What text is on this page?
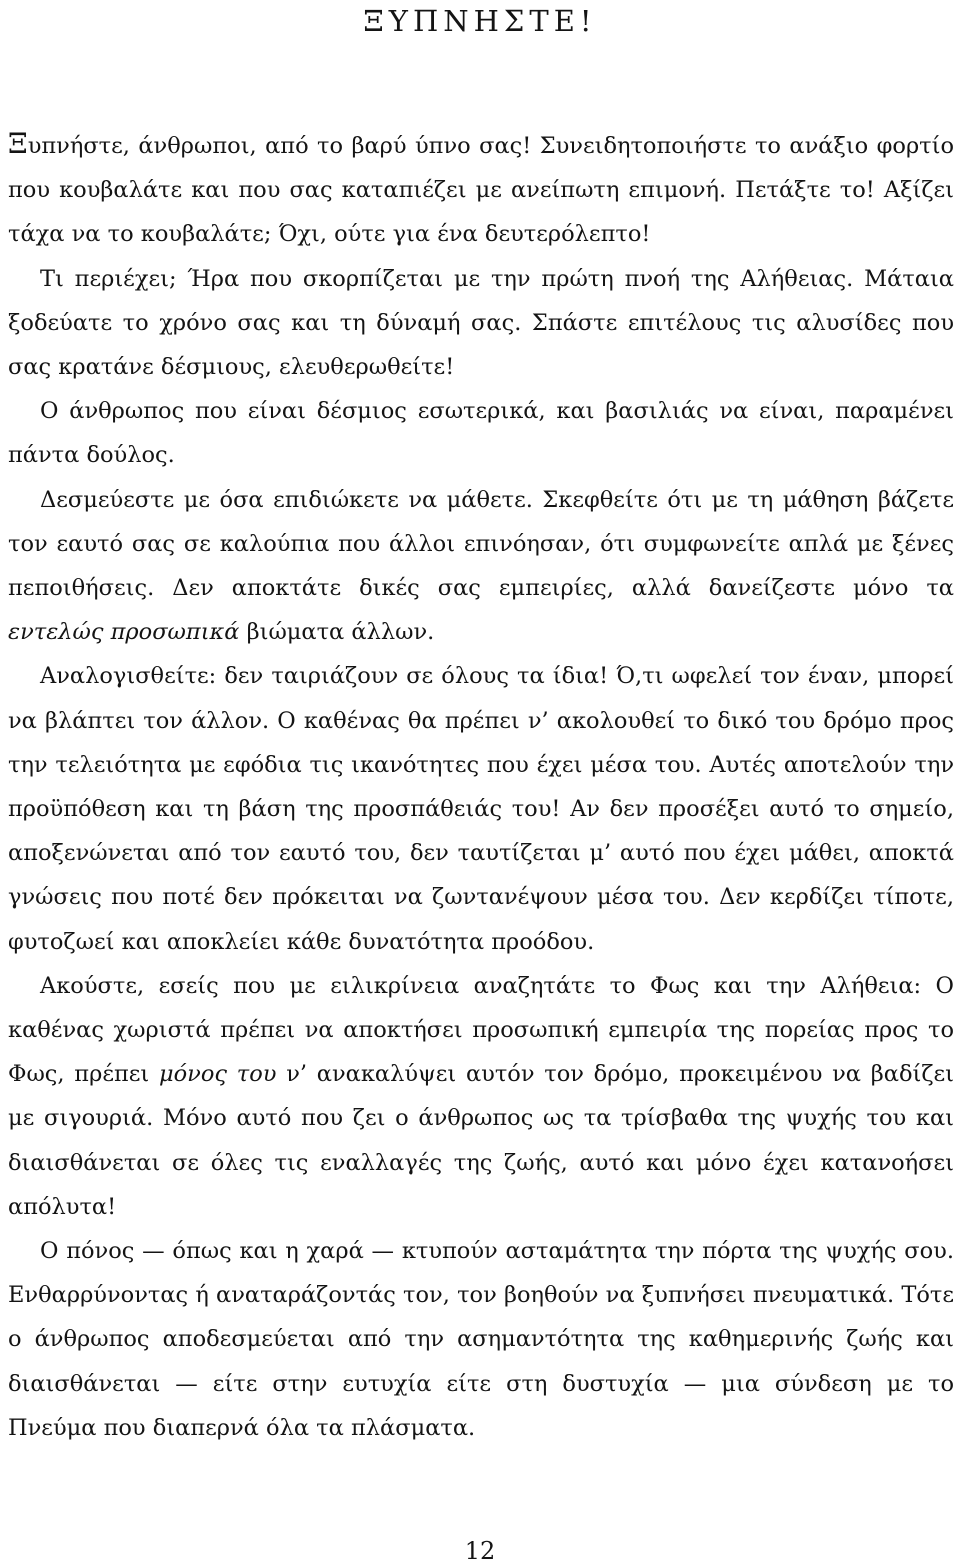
ΞΥΠΝΗΣΤΕ!

Ξυπνήστε, άνθρωποι, από το βαρύ ύπνο σας! Συνειδητοποιήστε το ανάξιο φορτίο που κουβαλάτε και που σας καταπιέζει με ανείπωτη επιμονή. Πετάξτε το! Αξίζει τάχα να το κουβαλάτε; Όχι, ούτε για ένα δευτερόλεπτο!

Τι περιέχει; Ήρα που σκορπίζεται με την πρώτη πνοή της Αλήθειας. Μάταια ξοδεύατε το χρόνο σας και τη δύναμή σας. Σπάστε επιτέλους τις αλυσίδες που σας κρατάνε δέσμιους, ελευθερωθείτε!

Ο άνθρωπος που είναι δέσμιος εσωτερικά, και βασιλιάς να είναι, παραμένει πάντα δούλος.

Δεσμεύεστε με όσα επιδιώκετε να μάθετε. Σκεφθείτε ότι με τη μάθηση βάζετε τον εαυτό σας σε καλούπια που άλλοι επινόησαν, ότι συμφωνείτε απλά με ξένες πεποιθήσεις. Δεν αποκτάτε δικές σας εμπειρίες, αλλά δανείζεστε μόνο τα εντελώς προσωπικά βιώματα άλλων.

Αναλογισθείτε: δεν ταιριάζουν σε όλους τα ίδια! Ό,τι ωφελεί τον έναν, μπορεί να βλάπτει τον άλλον. Ο καθένας θα πρέπει ν’ ακολουθεί το δικό του δρόμο προς την τελειότητα με εφόδια τις ικανότητες που έχει μέσα του. Αυτές αποτελούν την προϋπόθεση και τη βάση της προσπάθειάς του! Αν δεν προσέξει αυτό το σημείο, αποξενώνεται από τον εαυτό του, δεν ταυτίζεται μ’ αυτό που έχει μάθει, αποκτά γνώσεις που ποτέ δεν πρόκειται να ζωντανέψουν μέσα του. Δεν κερδίζει τίποτε, φυτοζωεί και αποκλείει κάθε δυνατότητα προόδου.

Ακούστε, εσείς που με ειλικρίνεια αναζητάτε το Φως και την Αλήθεια: Ο καθένας χωριστά πρέπει να αποκτήσει προσωπική εμπειρία της πορείας προς το Φως, πρέπει μόνος του ν’ ανακαλύψει αυτόν τον δρόμο, προκειμένου να βαδίζει με σιγουριά. Μόνο αυτό που ζει ο άνθρωπος ως τα τρίσβαθα της ψυχής του και διαισθάνεται σε όλες τις εναλλαγές της ζωής, αυτό και μόνο έχει κατανοήσει απόλυτα!

Ο πόνος — όπως και η χαρά — κτυπούν ασταμάτητα την πόρτα της ψυχής σου. Ενθαρρύνοντας ή αναταράζοντάς τον, τον βοηθούν να ξυπνήσει πνευματικά. Τότε ο άνθρωπος αποδεσμεύεται από την ασημαντότητα της καθημερινής ζωής και διαισθάνεται — είτε στην ευτυχία είτε στη δυστυχία — μια σύνδεση με το Πνεύμα που διαπερνά όλα τα πλάσματα.

12
